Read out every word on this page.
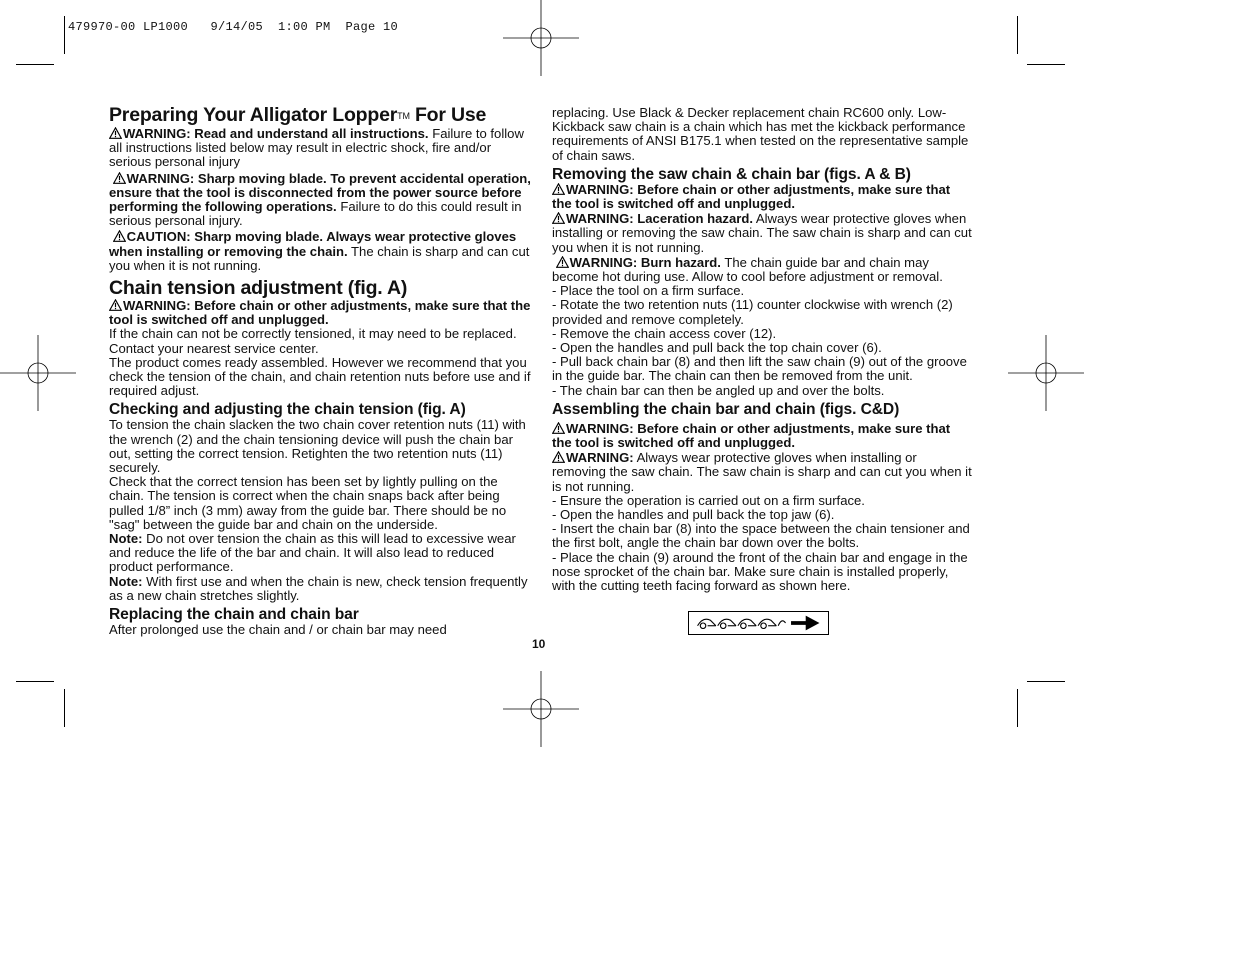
479970-00 LP1000   9/14/05  1:00 PM  Page 10

Preparing Your Alligator LopperTM For Use

WARNING: Read and understand all instructions. Failure to follow all instructions listed below may result in electric shock, fire and/or serious personal injury

WARNING: Sharp moving blade. To prevent accidental operation, ensure that the tool is disconnected from the power source before performing the following operations. Failure to do this could result in serious personal injury.

CAUTION: Sharp moving blade. Always wear protective gloves when installing or removing the chain. The chain is sharp and can cut you when it is not running.

Chain tension adjustment (fig. A)

WARNING: Before chain or other adjustments, make sure that the tool is switched off and unplugged.

If the chain can not be correctly tensioned, it may need to be replaced. Contact your nearest service center.

The product comes ready assembled. However we recommend that you check the tension of the chain, and chain retention nuts before use and if required adjust.

Checking and adjusting the chain tension (fig. A)

To tension the chain slacken the two chain cover retention nuts (11) with the wrench (2) and the chain tensioning device will push the chain bar out, setting the correct tension. Retighten the two retention nuts (11) securely.

Check that the correct tension has been set by lightly pulling on the chain. The tension is correct when the chain snaps back after being pulled 1/8” inch (3 mm) away from the guide bar. There should be no "sag" between the guide bar and chain on the underside.

Note: Do not over tension the chain as this will lead to excessive wear and reduce the life of the bar and chain. It will also lead to reduced product performance.

Note: With first use and when the chain is new, check tension frequently as a new chain stretches slightly.

Replacing the chain and chain bar

After prolonged use the chain and / or chain bar may need

replacing. Use Black & Decker replacement chain RC600 only. Low-Kickback saw chain is a chain which has met the kickback performance requirements of ANSI B175.1 when tested on the representative sample of chain saws.

Removing the saw chain & chain bar (figs. A & B)

WARNING: Before chain or other adjustments, make sure that the tool is switched off and unplugged.

WARNING: Laceration hazard. Always wear protective gloves when installing or removing the saw chain. The saw chain is sharp and can cut you when it is not running.

WARNING: Burn hazard. The chain guide bar and chain may become hot during use. Allow to cool before adjustment or removal.

- Place the tool on a firm surface.

- Rotate the two retention nuts (11) counter clockwise with wrench (2) provided and remove completely.

- Remove the chain access cover (12).

- Open the handles and pull back the top chain cover (6).

- Pull back chain bar (8) and then lift the saw chain (9) out of the groove in the guide bar. The chain can then be removed from the unit.

- The chain bar can then be angled up and over the bolts.

Assembling the chain bar and chain (figs. C&D)

WARNING: Before chain or other adjustments, make sure that the tool is switched off and unplugged.

WARNING: Always wear protective gloves when installing or removing the saw chain. The saw chain is sharp and can cut you when it is not running.

- Ensure the operation is carried out on a firm surface.

- Open the handles and pull back the top jaw (6).

- Insert the chain bar (8) into the space between the chain tensioner and the first bolt, angle the chain bar down over the bolts.

- Place the chain (9) around the front of the chain bar and engage in the nose sprocket of the chain bar. Make sure chain is installed properly, with the cutting teeth facing forward as shown here.

10
